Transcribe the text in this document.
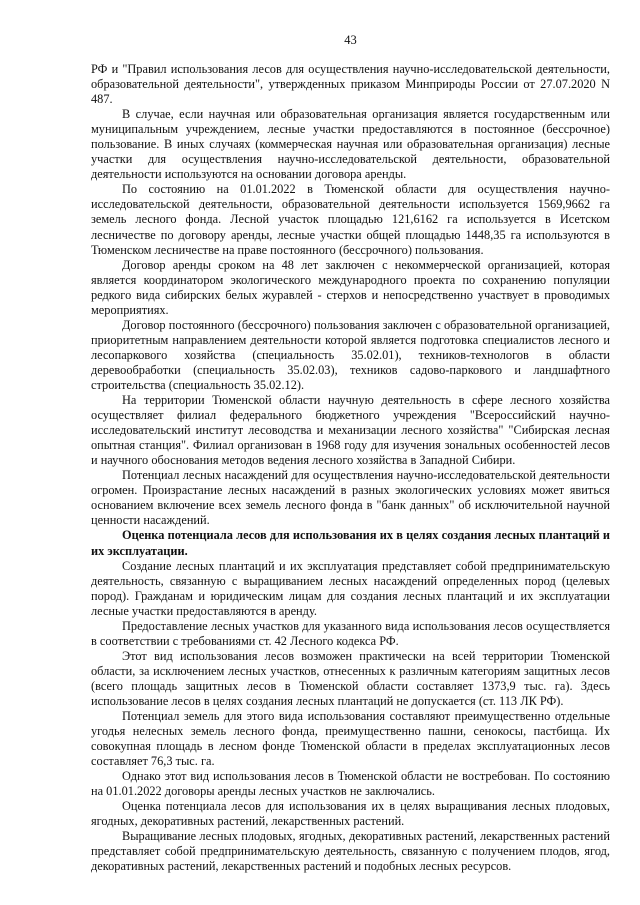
43

РФ и "Правил использования лесов для осуществления научно-исследовательской деятельности, образовательной деятельности", утвержденных приказом Минприроды России от 27.07.2020 N 487.

В случае, если научная или образовательная организация является государственным или муниципальным учреждением, лесные участки предоставляются в постоянное (бессрочное) пользование. В иных случаях (коммерческая научная или образовательная организация) лесные участки для осуществления научно-исследовательской деятельности, образовательной деятельности используются на основании договора аренды.

По состоянию на 01.01.2022 в Тюменской области для осуществления научно-исследовательской деятельности, образовательной деятельности используется 1569,9662 га земель лесного фонда. Лесной участок площадью 121,6162 га используется в Исетском лесничестве по договору аренды, лесные участки общей площадью 1448,35 га используются в Тюменском лесничестве на праве постоянного (бессрочного) пользования.

Договор аренды сроком на 48 лет заключен с некоммерческой организацией, которая является координатором экологического международного проекта по сохранению популяции редкого вида сибирских белых журавлей - стерхов и непосредственно участвует в проводимых мероприятиях.

Договор постоянного (бессрочного) пользования заключен с образовательной организацией, приоритетным направлением деятельности которой является подготовка специалистов лесного и лесопаркового хозяйства (специальность 35.02.01), техников-технологов в области деревообработки (специальность 35.02.03), техников садово-паркового и ландшафтного строительства (специальность 35.02.12).

На территории Тюменской области научную деятельность в сфере лесного хозяйства осуществляет филиал федерального бюджетного учреждения "Всероссийский научно-исследовательский институт лесоводства и механизации лесного хозяйства" "Сибирская лесная опытная станция". Филиал организован в 1968 году для изучения зональных особенностей лесов и научного обоснования методов ведения лесного хозяйства в Западной Сибири.

Потенциал лесных насаждений для осуществления научно-исследовательской деятельности огромен. Произрастание лесных насаждений в разных экологических условиях может явиться основанием включение всех земель лесного фонда в "банк данных" об исключительной научной ценности насаждений.

Оценка потенциала лесов для использования их в целях создания лесных плантаций и их эксплуатации.

Создание лесных плантаций и их эксплуатация представляет собой предпринимательскую деятельность, связанную с выращиванием лесных насаждений определенных пород (целевых пород). Гражданам и юридическим лицам для создания лесных плантаций и их эксплуатации лесные участки предоставляются в аренду.

Предоставление лесных участков для указанного вида использования лесов осуществляется в соответствии с требованиями ст. 42 Лесного кодекса РФ.

Этот вид использования лесов возможен практически на всей территории Тюменской области, за исключением лесных участков, отнесенных к различным категориям защитных лесов (всего площадь защитных лесов в Тюменской области составляет 1373,9 тыс. га). Здесь использование лесов в целях создания лесных плантаций не допускается (ст. 113 ЛК РФ).

Потенциал земель для этого вида использования составляют преимущественно отдельные угодья нелесных земель лесного фонда, преимущественно пашни, сенокосы, пастбища. Их совокупная площадь в лесном фонде Тюменской области в пределах эксплуатационных лесов составляет 76,3 тыс. га.

Однако этот вид использования лесов в Тюменской области не востребован. По состоянию на 01.01.2022 договоры аренды лесных участков не заключались.

Оценка потенциала лесов для использования их в целях выращивания лесных плодовых, ягодных, декоративных растений, лекарственных растений.

Выращивание лесных плодовых, ягодных, декоративных растений, лекарственных растений представляет собой предпринимательскую деятельность, связанную с получением плодов, ягод, декоративных растений, лекарственных растений и подобных лесных ресурсов.
